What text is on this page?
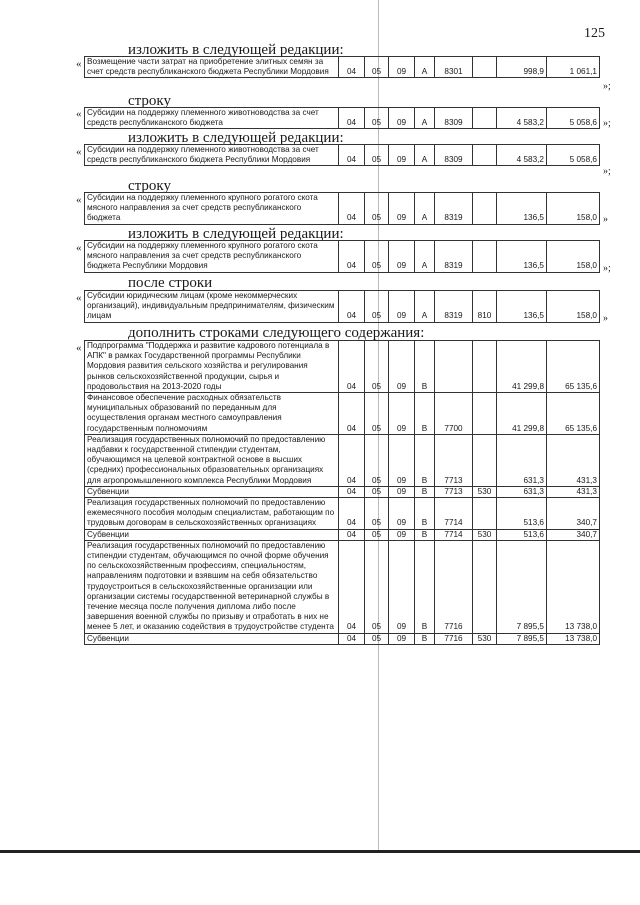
125
изложить в следующей редакции:
« Возмещение части затрат на приобретение элитных семян за счет средств республиканского бюджета Республики Мордовия	04	05	09	А	8301		998,9	1 061,1
»;
строку
« Субсидии на поддержку племенного животноводства за счет средств республиканского бюджета	04	05	09	А	8309		4 583,2	5 058,6 »;
изложить в следующей редакции:
« Субсидии на поддержку племенного животноводства за счет средств республиканского бюджета Республики Мордовия	04	05	09	А	8309		4 583,2	5 058,6
»;
строку
« Субсидии на поддержку племенного крупного рогатого скота мясного направления за счет средств республиканского бюджета	04	05	09	А	8319		136,5	158,0 »
изложить в следующей редакции:
« Субсидии на поддержку племенного крупного рогатого скота мясного направления за счет средств республиканского бюджета Республики Мордовия	04	05	09	А	8319		136,5	158,0 »;
после строки
« Субсидии юридическим лицам (кроме некоммерческих организаций), индивидуальным предпринимателям, физическим лицам	04	05	09	А	8319	810	136,5	158,0 »
дополнить строками следующего содержания:
« Подпрограмма "Поддержка и развитие кадрового потенциала в АПК" в рамках Государственной программы Республики Мордовия развития сельского хозяйства и регулирования рынков сельскохозяйственной продукции, сырья и продовольствия на 2013-2020 годы	04	05	09	В			41 299,8	65 135,6
Финансовое обеспечение расходных обязательств муниципальных образований по переданным для осуществления органам местного самоуправления государственным полномочиям	04	05	09	В	7700		41 299,8	65 135,6
Реализация государственных полномочий по предоставлению надбавки к государственной стипендии студентам, обучающимся на целевой контрактной основе в высших (средних) профессиональных образовательных организациях для агропромышленного комплекса Республики Мордовия	04	05	09	В	7713		631,3	431,3
Субвенции	04	05	09	В	7713	530	631,3	431,3
Реализация государственных полномочий по предоставлению ежемесячного пособия молодым специалистам, работающим по трудовым договорам в сельскохозяйственных организациях	04	05	09	В	7714		513,6	340,7
Субвенции	04	05	09	В	7714	530	513,6	340,7
Реализация государственных полномочий по предоставлению стипендии студентам, обучающимся по очной форме обучения по сельскохозяйственным профессиям, специальностям, направлениям подготовки и взявшим на себя обязательство трудоустроиться в сельскохозяйственные организации или организации системы государственной ветеринарной службы в течение месяца после получения диплома либо после завершения военной службы по призыву и отработать в них не менее 5 лет, и оказанию содействия в трудоустройстве студента	04	05	09	В	7716		7 895,5	13 738,0
Субвенции	04	05	09	В	7716	530	7 895,5	13 738,0
